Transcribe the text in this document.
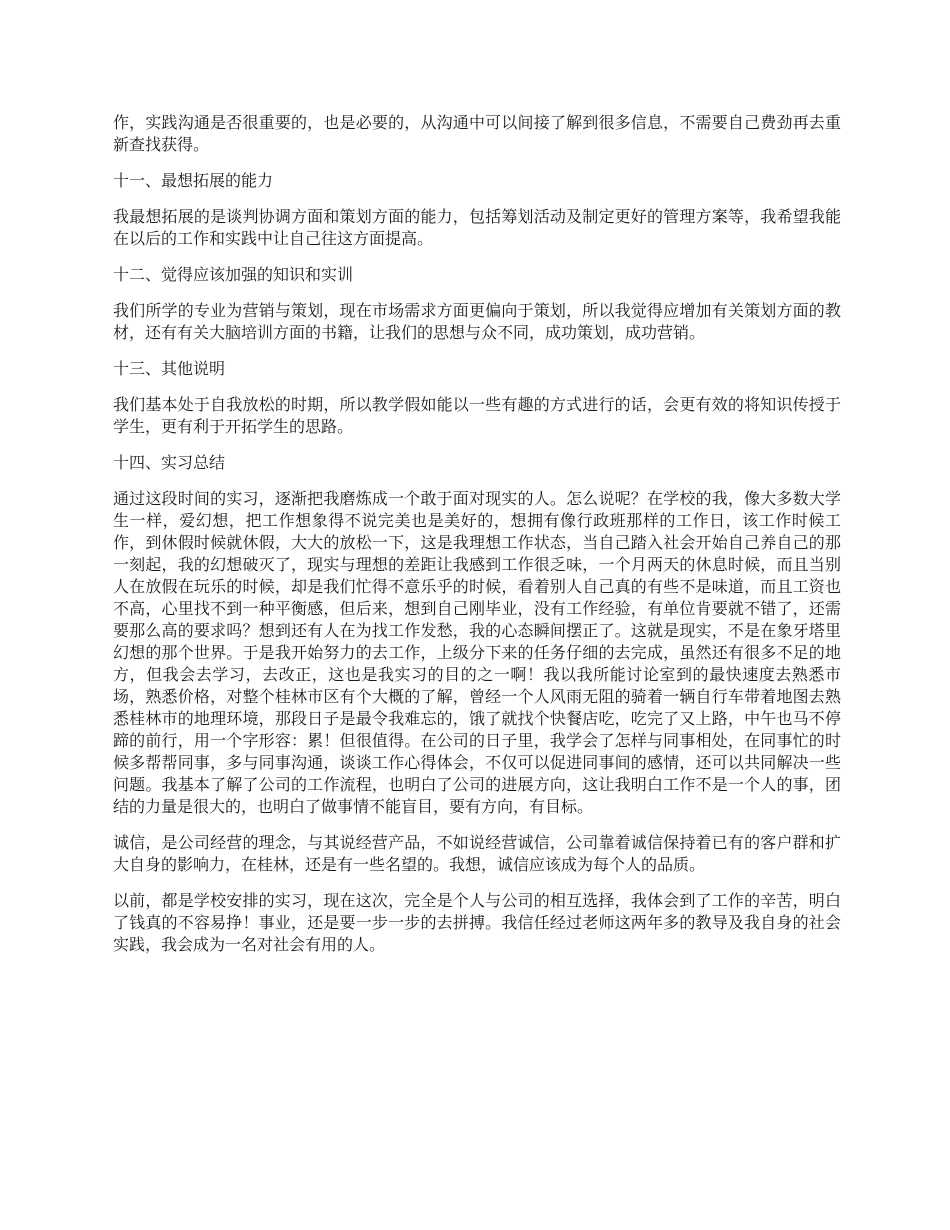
作，实践沟通是否很重要的，也是必要的，从沟通中可以间接了解到很多信息，不需要自己费劲再去重新查找获得。

十一、最想拓展的能力

我最想拓展的是谈判协调方面和策划方面的能力，包括筹划活动及制定更好的管理方案等，我希望我能在以后的工作和实践中让自己往这方面提高。

十二、觉得应该加强的知识和实训

我们所学的专业为营销与策划，现在市场需求方面更偏向于策划，所以我觉得应增加有关策划方面的教材，还有有关大脑培训方面的书籍，让我们的思想与众不同，成功策划，成功营销。

十三、其他说明

我们基本处于自我放松的时期，所以教学假如能以一些有趣的方式进行的话，会更有效的将知识传授于学生，更有利于开拓学生的思路。

十四、实习总结

通过这段时间的实习，逐渐把我磨炼成一个敢于面对现实的人。怎么说呢？在学校的我，像大多数大学生一样，爱幻想，把工作想象得不说完美也是美好的，想拥有像行政班那样的工作日，该工作时候工作，到休假时候就休假，大大的放松一下，这是我理想工作状态，当自己踏入社会开始自己养自己的那一刻起，我的幻想破灭了，现实与理想的差距让我感到工作很乏味，一个月两天的休息时候，而且当别人在放假在玩乐的时候，却是我们忙得不意乐乎的时候，看着别人自己真的有些不是味道，而且工资也不高，心里找不到一种平衡感，但后来，想到自己刚毕业，没有工作经验，有单位肯要就不错了，还需要那么高的要求吗？想到还有人在为找工作发愁，我的心态瞬间摆正了。这就是现实，不是在象牙塔里幻想的那个世界。于是我开始努力的去工作，上级分下来的任务仔细的去完成，虽然还有很多不足的地方，但我会去学习，去改正，这也是我实习的目的之一啊！我以我所能讨论室到的最快速度去熟悉市场，熟悉价格，对整个桂林市区有个大概的了解，曾经一个人风雨无阻的骑着一辆自行车带着地图去熟悉桂林市的地理环境，那段日子是最令我难忘的，饿了就找个快餐店吃，吃完了又上路，中午也马不停蹄的前行，用一个字形容：累！但很值得。在公司的日子里，我学会了怎样与同事相处，在同事忙的时候多帮帮同事，多与同事沟通，谈谈工作心得体会，不仅可以促进同事间的感情，还可以共同解决一些问题。我基本了解了公司的工作流程，也明白了公司的进展方向，这让我明白工作不是一个人的事，团结的力量是很大的，也明白了做事情不能盲目，要有方向，有目标。

诚信，是公司经营的理念，与其说经营产品，不如说经营诚信，公司靠着诚信保持着已有的客户群和扩大自身的影响力，在桂林，还是有一些名望的。我想，诚信应该成为每个人的品质。

以前，都是学校安排的实习，现在这次，完全是个人与公司的相互选择，我体会到了工作的辛苦，明白了钱真的不容易挣！事业，还是要一步一步的去拼搏。我信任经过老师这两年多的教导及我自身的社会实践，我会成为一名对社会有用的人。
